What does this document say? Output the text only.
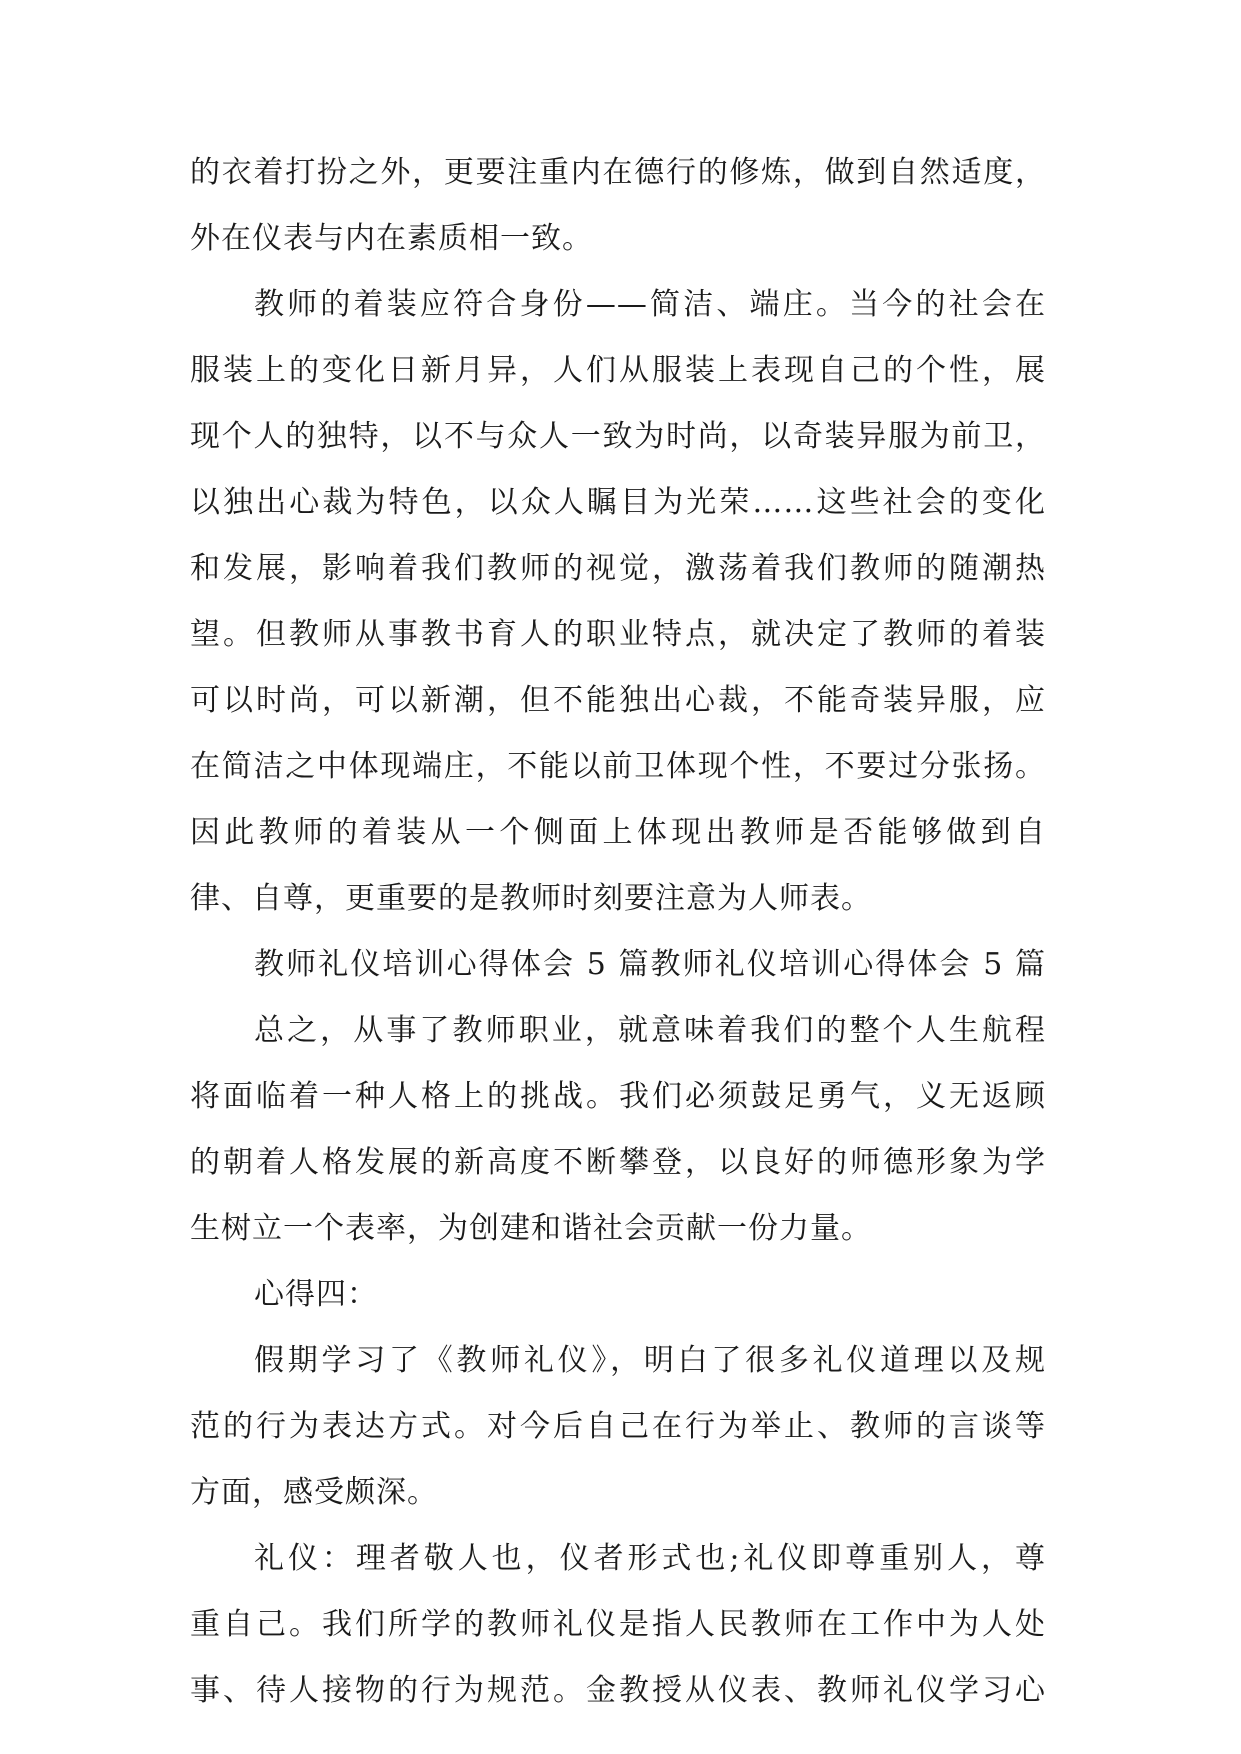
的衣着打扮之外，更要注重内在德行的修炼，做到自然适度，
外在仪表与内在素质相一致。
教师的着装应符合身份——简洁、端庄。当今的社会在
服装上的变化日新月异，人们从服装上表现自己的个性，展
现个人的独特，以不与众人一致为时尚，以奇装异服为前卫，
以独出心裁为特色，以众人瞩目为光荣……这些社会的变化
和发展，影响着我们教师的视觉，激荡着我们教师的随潮热
望。但教师从事教书育人的职业特点，就决定了教师的着装
可以时尚，可以新潮，但不能独出心裁，不能奇装异服，应
在简洁之中体现端庄，不能以前卫体现个性，不要过分张扬。
因此教师的着装从一个侧面上体现出教师是否能够做到自
律、自尊，更重要的是教师时刻要注意为人师表。
教师礼仪培训心得体会 5 篇教师礼仪培训心得体会 5 篇
总之，从事了教师职业，就意味着我们的整个人生航程
将面临着一种人格上的挑战。我们必须鼓足勇气，义无返顾
的朝着人格发展的新高度不断攀登，以良好的师德形象为学
生树立一个表率，为创建和谐社会贡献一份力量。
心得四：
假期学习了《教师礼仪》，明白了很多礼仪道理以及规
范的行为表达方式。对今后自己在行为举止、教师的言谈等
方面，感受颇深。
礼仪：理者敬人也，仪者形式也;礼仪即尊重别人，尊
重自己。我们所学的教师礼仪是指人民教师在工作中为人处
事、待人接物的行为规范。金教授从仪表、教师礼仪学习心
